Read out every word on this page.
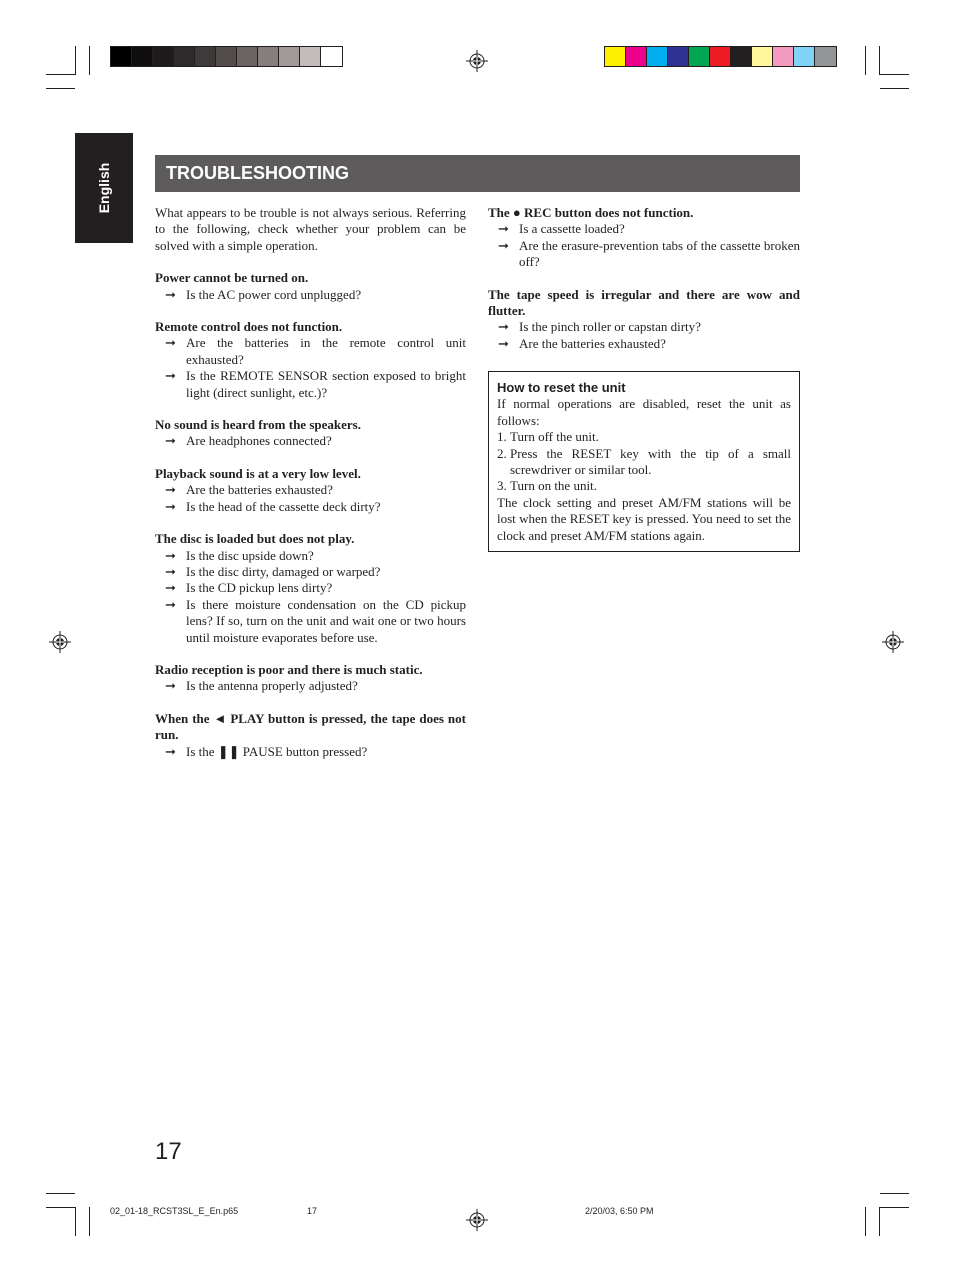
English	TROUBLESHOOTING

What appears to be trouble is not always serious. Referring to the following, check whether your problem can be solved with a simple operation.

Power cannot be turned on.

➞ Is the AC power cord unplugged?

Remote control does not function.

➞ Are the batteries in the remote control unit exhausted?
➞ Is the REMOTE SENSOR section exposed to bright light (direct sunlight, etc.)?

No sound is heard from the speakers.

➞ Are headphones connected?

Playback sound is at a very low level.

➞ Are the batteries exhausted?
➞ Is the head of the cassette deck dirty?

The disc is loaded but does not play.

➞ Is the disc upside down?
➞ Is the disc dirty, damaged or warped?
➞ Is the CD pickup lens dirty?
➞ Is there moisture condensation on the CD pickup lens? If so, turn on the unit and wait one or two hours until moisture evaporates before use.

Radio reception is poor and there is much static.

➞ Is the antenna properly adjusted?

When the ◄ PLAY button is pressed, the tape does not run.

➞ Is the ❚❚ PAUSE button pressed?

The ● REC button does not function.

➞ Is a cassette loaded?
➞ Are the erasure-prevention tabs of the cassette broken off?

The tape speed is irregular and there are wow and flutter.

➞ Is the pinch roller or capstan dirty?
➞ Are the batteries exhausted?
How to reset the unit

If normal operations are disabled, reset the unit as follows:

1. Turn off the unit.
2. Press the RESET key with the tip of a small screwdriver or similar tool.
3. Turn on the unit.

The clock setting and preset AM/FM stations will be lost when the RESET key is pressed. You need to set the clock and preset AM/FM stations again.

17
02_01-18_RCST3SL_E_En.p65	17	2/20/03, 6:50 PM
